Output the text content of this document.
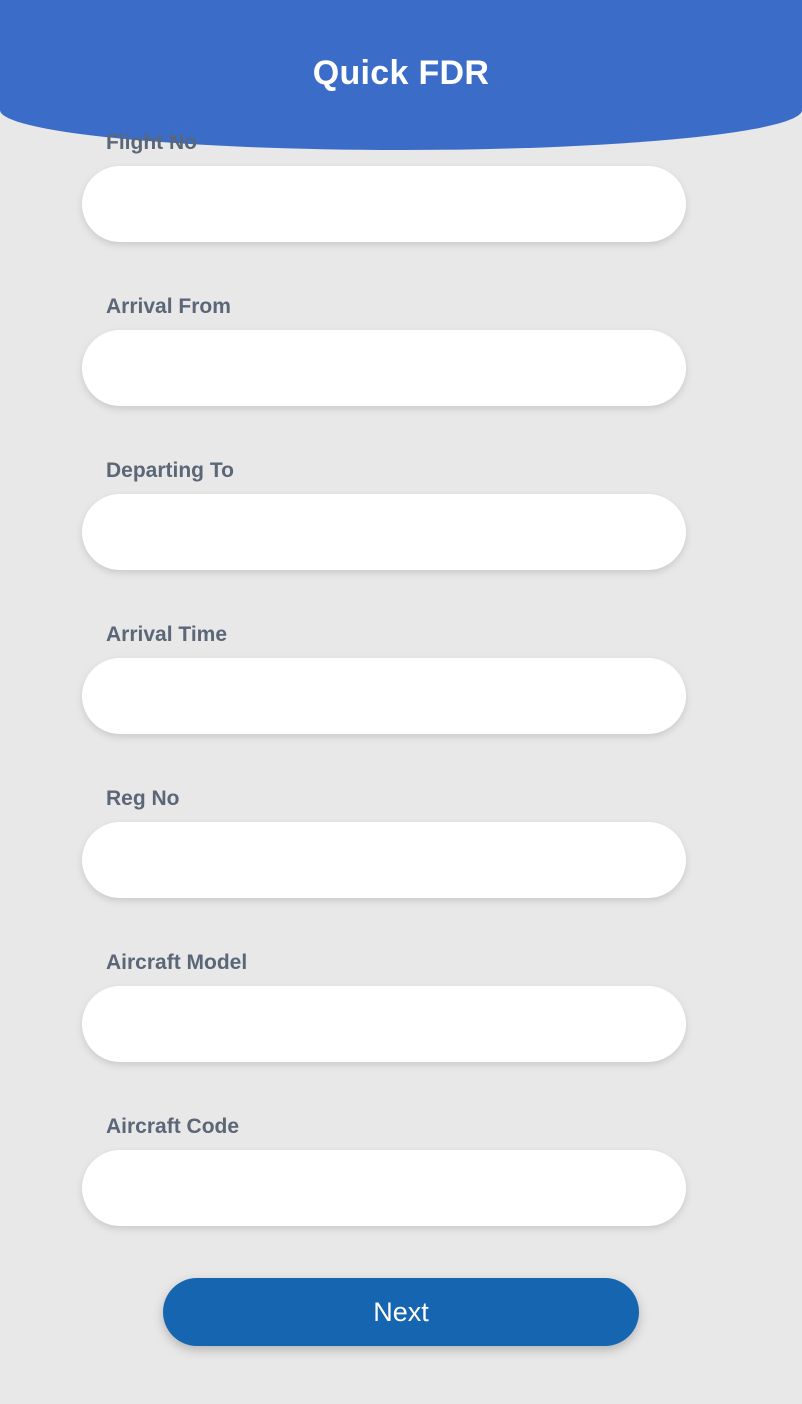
Quick FDR
Flight No
Arrival From
Departing To
Arrival Time
Reg No
Aircraft Model
Aircraft Code
Next
